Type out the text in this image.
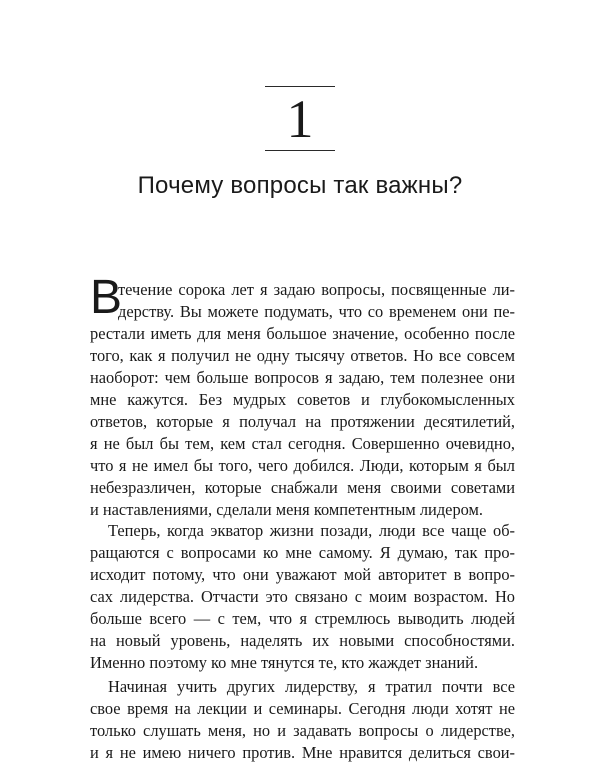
1
Почему вопросы так важны?
В
течение сорока лет я задаю вопросы, посвященные ли-
дерству. Вы можете подумать, что со временем они пе-
рестали иметь для меня большое значение, особенно после
того, как я получил не одну тысячу ответов. Но все совсем
наоборот: чем больше вопросов я задаю, тем полезнее они
мне кажутся. Без мудрых советов и глубокомысленных
ответов, которые я получал на протяжении десятилетий,
я не был бы тем, кем стал сегодня. Совершенно очевидно,
что я не имел бы того, чего добился. Люди, которым я был
небезразличен, которые снабжали меня своими советами
и наставлениями, сделали меня компетентным лидером.
Теперь, когда экватор жизни позади, люди все чаще об-
ращаются с вопросами ко мне самому. Я думаю, так про-
исходит потому, что они уважают мой авторитет в вопро-
сах лидерства. Отчасти это связано с моим возрастом. Но
больше всего — с тем, что я стремлюсь выводить людей
на новый уровень, наделять их новыми способностями.
Именно поэтому ко мне тянутся те, кто жаждет знаний.
Начиная учить других лидерству, я тратил почти все
свое время на лекции и семинары. Сегодня люди хотят не
только слушать меня, но и задавать вопросы о лидерстве,
и я не имею ничего против. Мне нравится делиться свои-
